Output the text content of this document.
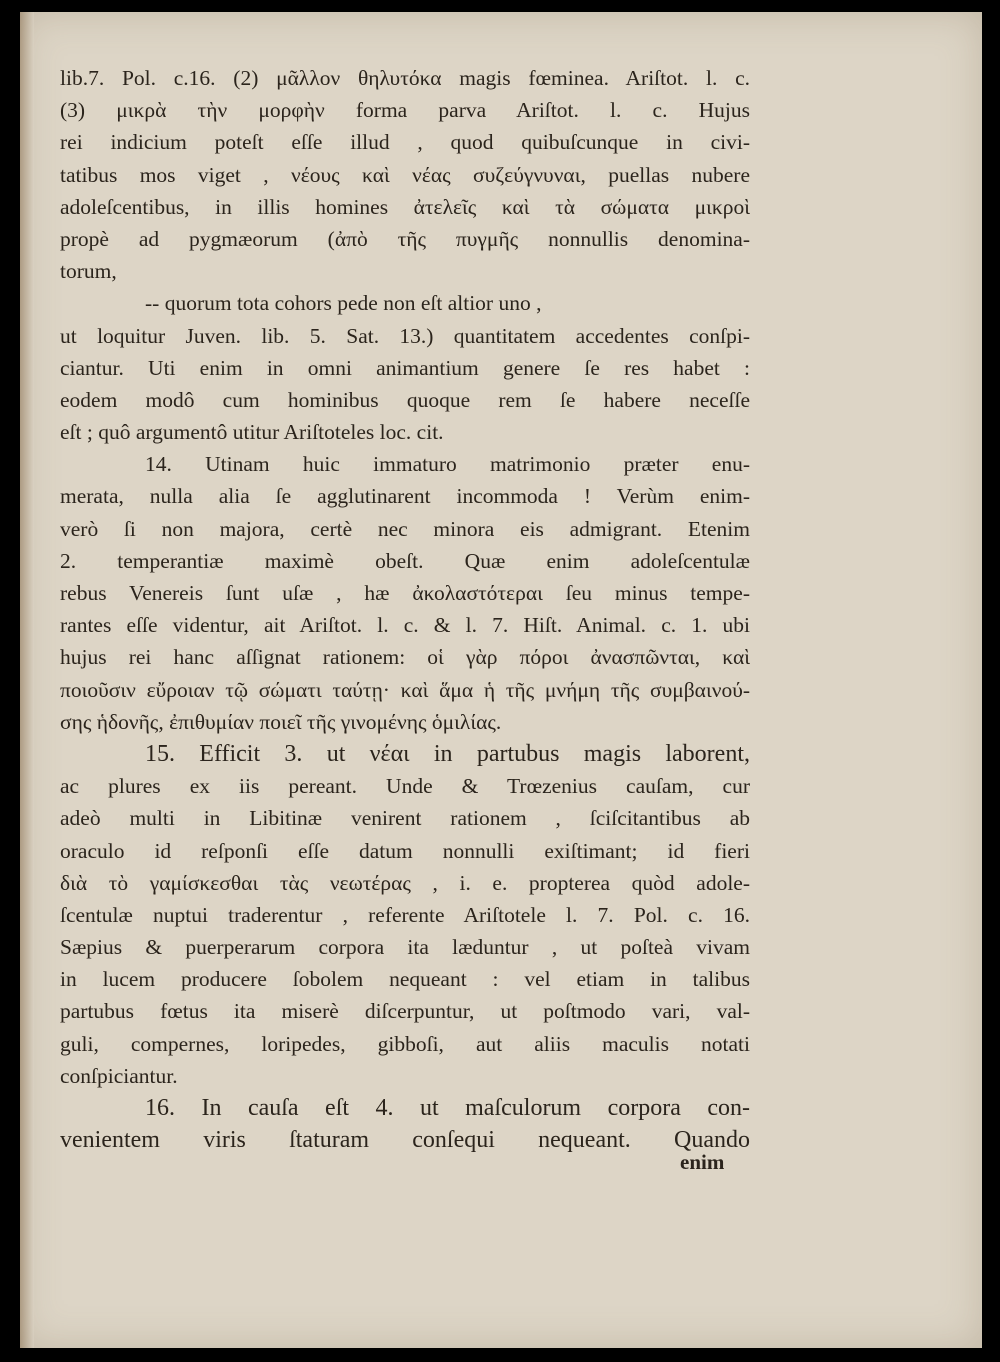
lib.7. Pol. c.16. (2) μᾶλλον θηλυτόκα magis fœminea. Ariſtot. l. c.
(3) μικρὰ τὴν μορφὴν forma parva Ariſtot. l. c. Hujus
rei indicium poteſt eſſe illud , quod quibuſcunque in civi-
tatibus mos viget , νέους καὶ νέας συζεύγνυναι, puellas nubere
adoleſcentibus, in illis homines ἀτελεῖς καὶ τὰ σώματα μικροὶ
propè ad pygmæorum (ἀπὸ τῆς πυγμῆς nonnullis denomina-
torum,
-- quorum tota cohors pede non eſt altior uno ,
ut loquitur Juven. lib. 5. Sat. 13.) quantitatem accedentes conſpi-
ciantur. Uti enim in omni animantium genere ſe res habet :
eodem modô cum hominibus quoque rem ſe habere neceſſe
eſt ; quô argumentô utitur Ariſtoteles loc. cit.
14. Utinam huic immaturo matrimonio præter enu-
merata, nulla alia ſe agglutinarent incommoda ! Verùm enim-
verò ſi non majora, certè nec minora eis admigrant. Etenim
2. temperantiæ maximè obeſt. Quæ enim adoleſcentulæ
rebus Venereis ſunt uſæ , hæ ἀκολαστότεραι ſeu minus tempe-
rantes eſſe videntur, ait Ariſtot. l. c. & l. 7. Hiſt. Animal. c. 1. ubi
hujus rei hanc aſſignat rationem: οἱ γὰρ πόροι ἀνασπῶνται, καὶ
ποιοῦσιν εὔροιαν τῷ σώματι ταύτῃ· καὶ ἅμα ἡ τῆς μνήμη τῆς συμβαινού-
σης ἡδονῆς, ἐπιθυμίαν ποιεῖ τῆς γινομένης ὁμιλίας.
15. Efficit 3. ut νέαι in partubus magis laborent,
ac plures ex iis pereant. Unde & Trœzenius cauſam, cur
adeò multi in Libitinæ venirent rationem , ſciſcitantibus ab
oraculo id reſponſi eſſe datum nonnulli exiſtimant; id fieri
διὰ τὸ γαμίσκεσθαι τὰς νεωτέρας , i. e. propterea quòd adole-
ſcentulæ nuptui traderentur , referente Ariſtotele l. 7. Pol. c. 16.
Sæpius & puerperarum corpora ita læduntur , ut poſteà vivam
in lucem producere ſobolem nequeant : vel etiam in talibus
partubus fœtus ita miserè diſcerpuntur, ut poſtmodo vari, val-
guli, compernes, loripedes, gibboſi, aut aliis maculis notati
conſpiciantur.
16. In cauſa eſt 4. ut maſculorum corpora con-
venientem viris ſtaturam conſequi nequeant. Quando
enim
